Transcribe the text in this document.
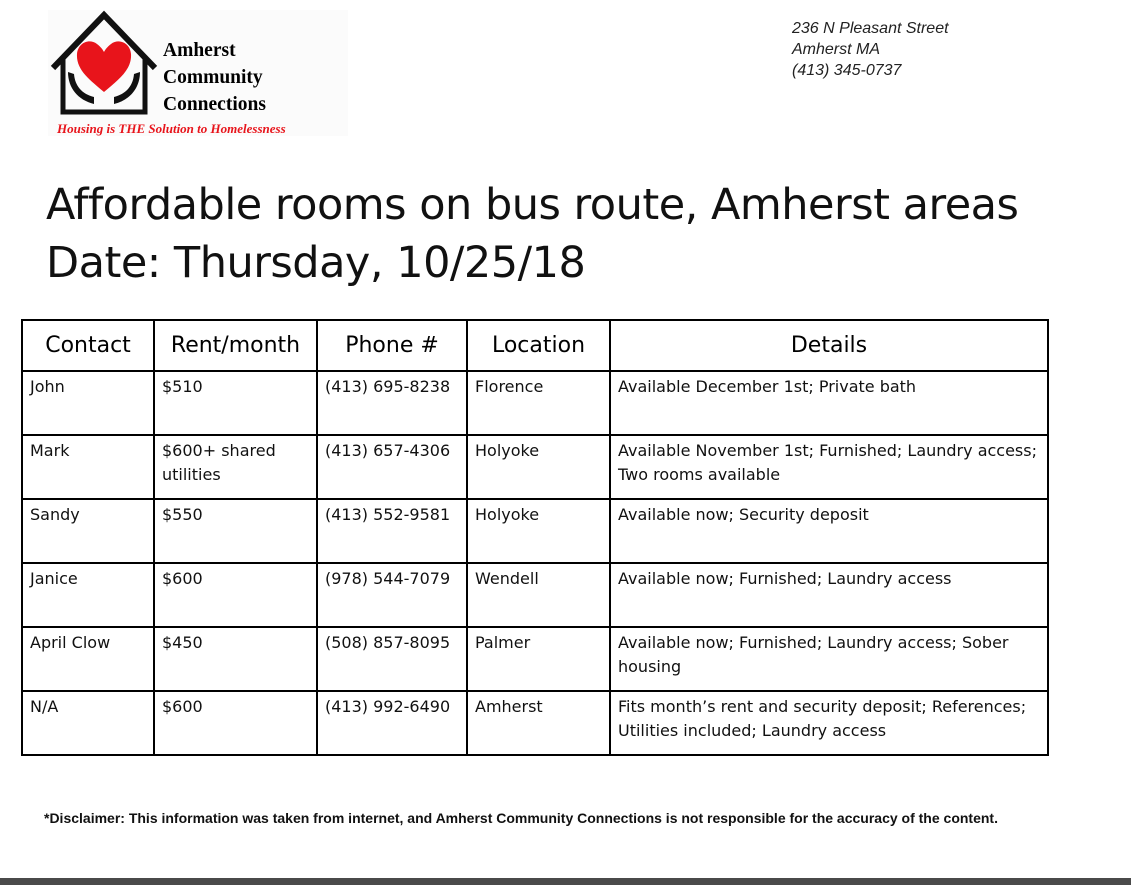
Amherst
Community
Connections
Housing is THE Solution to Homelessness
236 N Pleasant Street
Amherst MA
(413) 345-0737
Affordable rooms on bus route, Amherst areas
Date: Thursday, 10/25/18
Contact	Rent/month	Phone #	Location	Details
John	$510	(413) 695-8238	Florence	Available December 1st; Private bath
Mark	$600+ shared utilities	(413) 657-4306	Holyoke	Available November 1st; Furnished; Laundry access; Two rooms available
Sandy	$550	(413) 552-9581	Holyoke	Available now; Security deposit
Janice	$600	(978) 544-7079	Wendell	Available now; Furnished; Laundry access
April Clow	$450	(508) 857-8095	Palmer	Available now; Furnished; Laundry access; Sober housing
N/A	$600	(413) 992-6490	Amherst	Fits month’s rent and security deposit; References; Utilities included; Laundry access
*Disclaimer: This information was taken from internet, and Amherst Community Connections is not responsible for the accuracy of the content.
